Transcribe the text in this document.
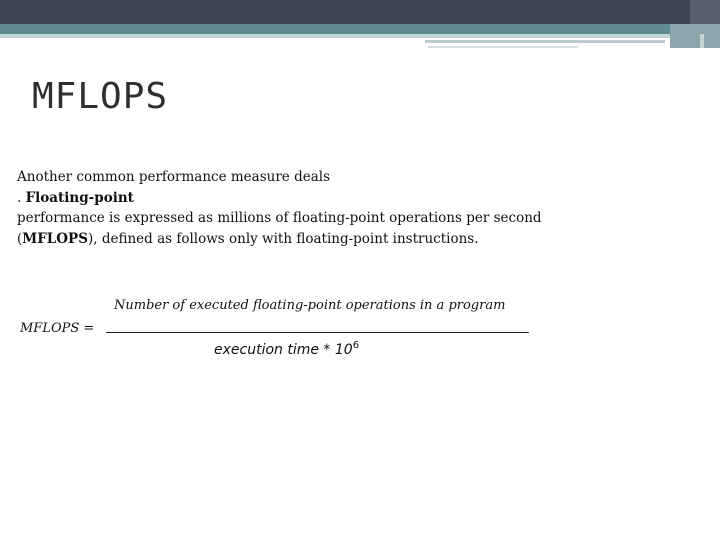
MFLOPS
Another common performance measure deals
. Floating-point
performance is expressed as millions of floating-point operations per second
(MFLOPS), defined as follows only with floating-point instructions.
Number of executed floating-point operations in a program
MFLOPS =
execution time * $10^6$
